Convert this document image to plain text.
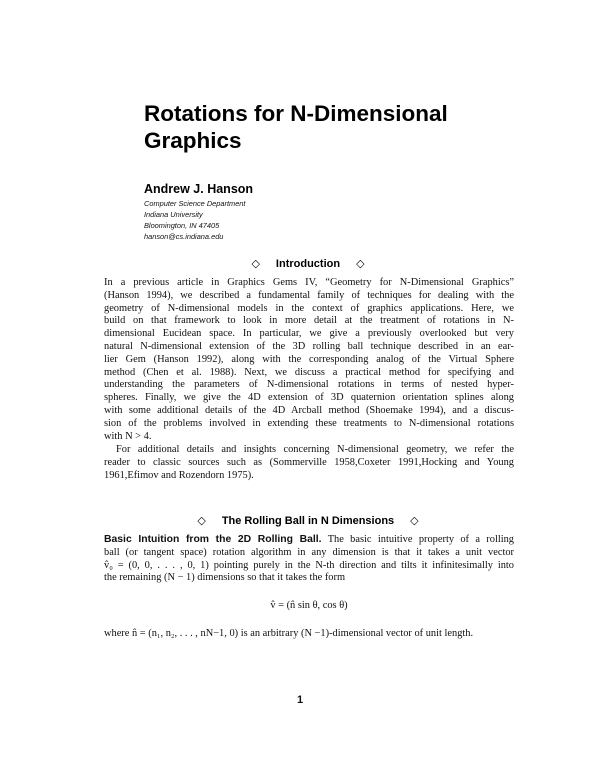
Rotations for N-Dimensional
Graphics
Andrew J. Hanson
Computer Science Department
Indiana University
Bloomington, IN 47405
hanson@cs.indiana.edu
◇ Introduction ◇
In a previous article in Graphics Gems IV, “Geometry for N-Dimensional Graphics”
(Hanson 1994), we described a fundamental family of techniques for dealing with the
geometry of N-dimensional models in the context of graphics applications. Here, we
build on that framework to look in more detail at the treatment of rotations in N-
dimensional Eucidean space. In particular, we give a previously overlooked but very
natural N-dimensional extension of the 3D rolling ball technique described in an ear-
lier Gem (Hanson 1992), along with the corresponding analog of the Virtual Sphere
method (Chen et al. 1988). Next, we discuss a practical method for specifying and
understanding the parameters of N-dimensional rotations in terms of nested hyper-
spheres. Finally, we give the 4D extension of 3D quaternion orientation splines along
with some additional details of the 4D Arcball method (Shoemake 1994), and a discus-
sion of the problems involved in extending these treatments to N-dimensional rotations
with N > 4.
For additional details and insights concerning N-dimensional geometry, we refer the
reader to classic sources such as (Sommerville 1958,Coxeter 1991,Hocking and Young
1961,Efimov and Rozendorn 1975).
◇ The Rolling Ball in N Dimensions ◇
Basic Intuition from the 2D Rolling Ball. The basic intuitive property of a rolling
ball (or tangent space) rotation algorithm in any dimension is that it takes a unit vector
v̂₀ = (0, 0, . . . , 0, 1) pointing purely in the N-th direction and tilts it infinitesimally into
the remaining (N − 1) dimensions so that it takes the form
v̂ = (n̂ sin θ, cos θ)
where n̂ = (n₁, n₂, . . . , nN−1, 0) is an arbitrary (N −1)-dimensional vector of unit length.
1
